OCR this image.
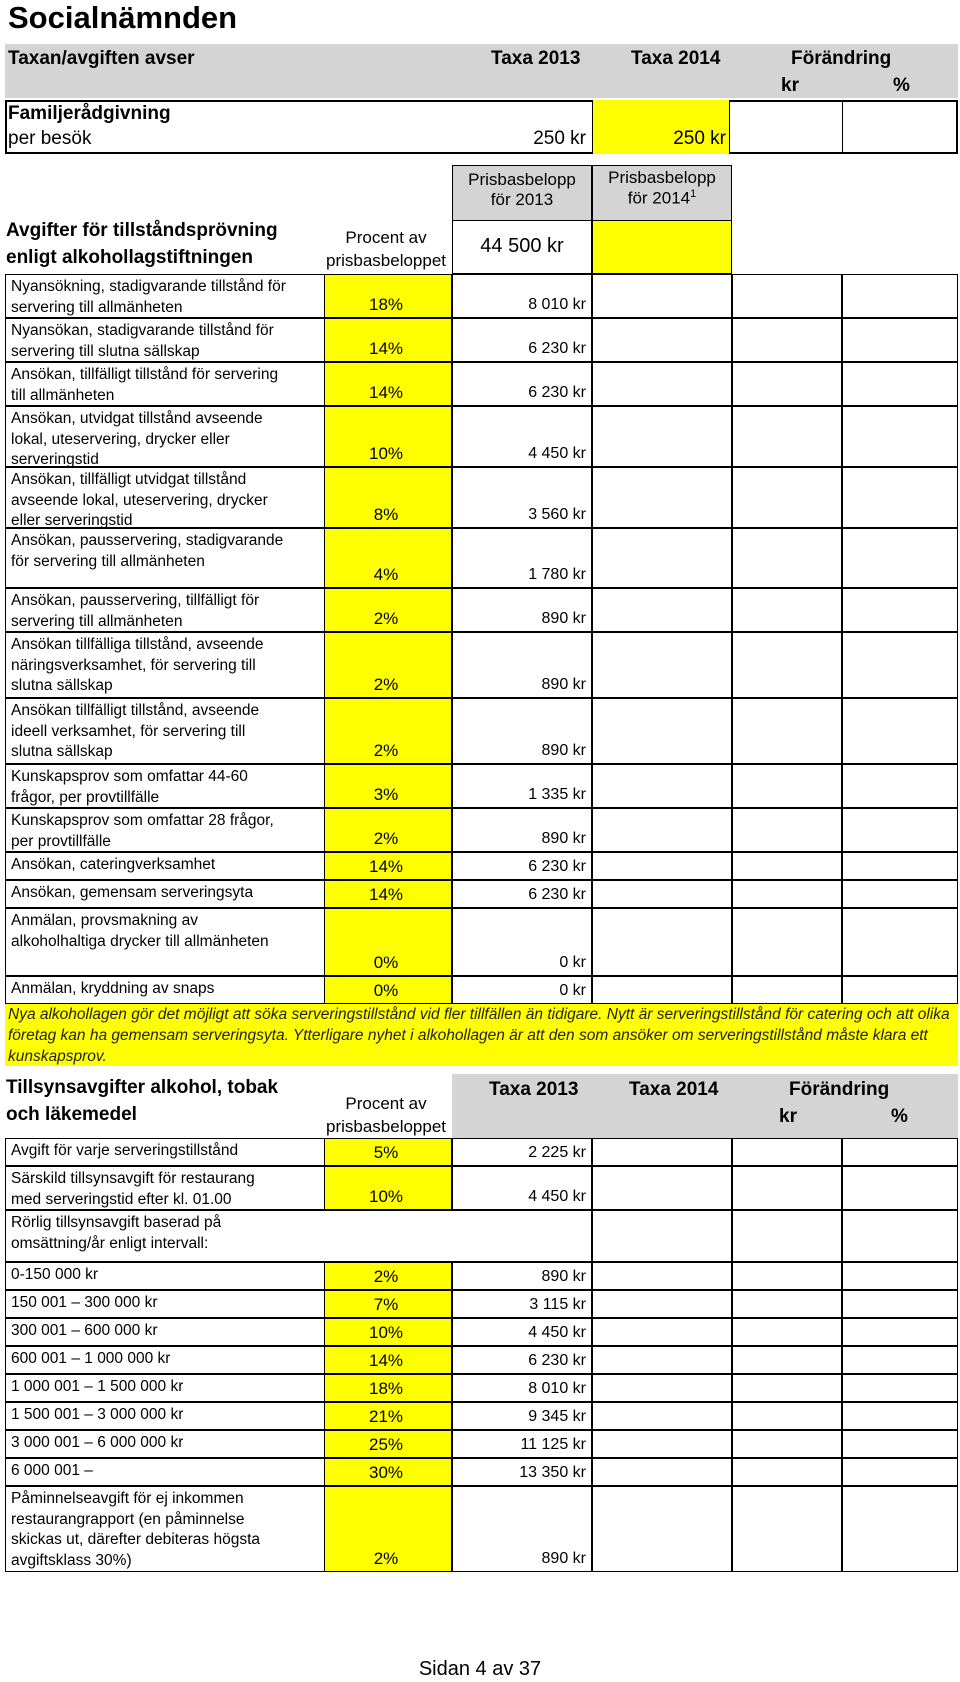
Socialnämnden
Taxan/avgiften avser	Taxa 2013	Taxa 2014	Förändring
kr	%
Familjerådgivning
per besök	250 kr	250 kr
Prisbasbelopp
för 2013
Prisbasbelopp
för 2014$^1$
Avgifter för tillståndsprövning
enligt alkohollagstiftningen
Procent av
prisbasbeloppet
44 500 kr
Nyansökning, stadigvarande tillstånd för
servering till allmänheten	18%	8 010 kr
Nyansökan, stadigvarande tillstånd för
servering till slutna sällskap	14%	6 230 kr
Ansökan, tillfälligt tillstånd för servering
till allmänheten	14%	6 230 kr
Ansökan, utvidgat tillstånd avseende
lokal, uteservering, drycker eller
serveringstid	10%	4 450 kr
Ansökan, tillfälligt utvidgat tillstånd
avseende lokal, uteservering, drycker
eller serveringstid	8%	3 560 kr
Ansökan, pausservering, stadigvarande
för servering till allmänheten
4%	1 780 kr
Ansökan, pausservering, tillfälligt för
servering till allmänheten	2%	890 kr
Ansökan tillfälliga tillstånd, avseende
näringsverksamhet, för servering till
slutna sällskap	2%	890 kr
Ansökan tillfälligt tillstånd, avseende
ideell verksamhet, för servering till
slutna sällskap	2%	890 kr
Kunskapsprov som omfattar 44-60
frågor, per provtillfälle	3%	1 335 kr
Kunskapsprov som omfattar 28 frågor,
per provtillfälle	2%	890 kr
Ansökan, cateringverksamhet	14%	6 230 kr
Ansökan, gemensam serveringsyta	14%	6 230 kr
Anmälan, provsmakning av
alkoholhaltiga drycker till allmänheten
0%	0 kr
Anmälan, kryddning av snaps	0%	0 kr
Nya alkohollagen gör det möjligt att söka serveringstillstånd vid fler tillfällen än tidigare. Nytt är serveringstillstånd för catering och att olika företag kan ha gemensam serveringsyta. Ytterligare nyhet i alkohollagen är att den som ansöker om serveringstillstånd måste klara ett kunskapsprov.
Taxa 2013	Taxa 2014	Förändring
kr	%
Tillsynsavgifter alkohol, tobak
och läkemedel
Procent av
prisbasbeloppet
Avgift för varje serveringstillstånd	5%	2 225 kr
Särskild tillsynsavgift för restaurang
med serveringstid efter kl. 01.00	10%	4 450 kr
Rörlig tillsynsavgift baserad på
omsättning/år enligt intervall:
0-150 000 kr	2%	890 kr
150 001 – 300 000 kr	7%	3 115 kr
300 001 – 600 000 kr	10%	4 450 kr
600 001 – 1 000 000 kr	14%	6 230 kr
1 000 001 – 1 500 000 kr	18%	8 010 kr
1 500 001 – 3 000 000 kr	21%	9 345 kr
3 000 001 – 6 000 000 kr	25%	11 125 kr
6 000 001 –	30%	13 350 kr
Påminnelseavgift för ej inkommen
restaurangrapport (en påminnelse
skickas ut, därefter debiteras högsta
avgiftsklass 30%)	2%	890 kr
Sidan 4 av 37
